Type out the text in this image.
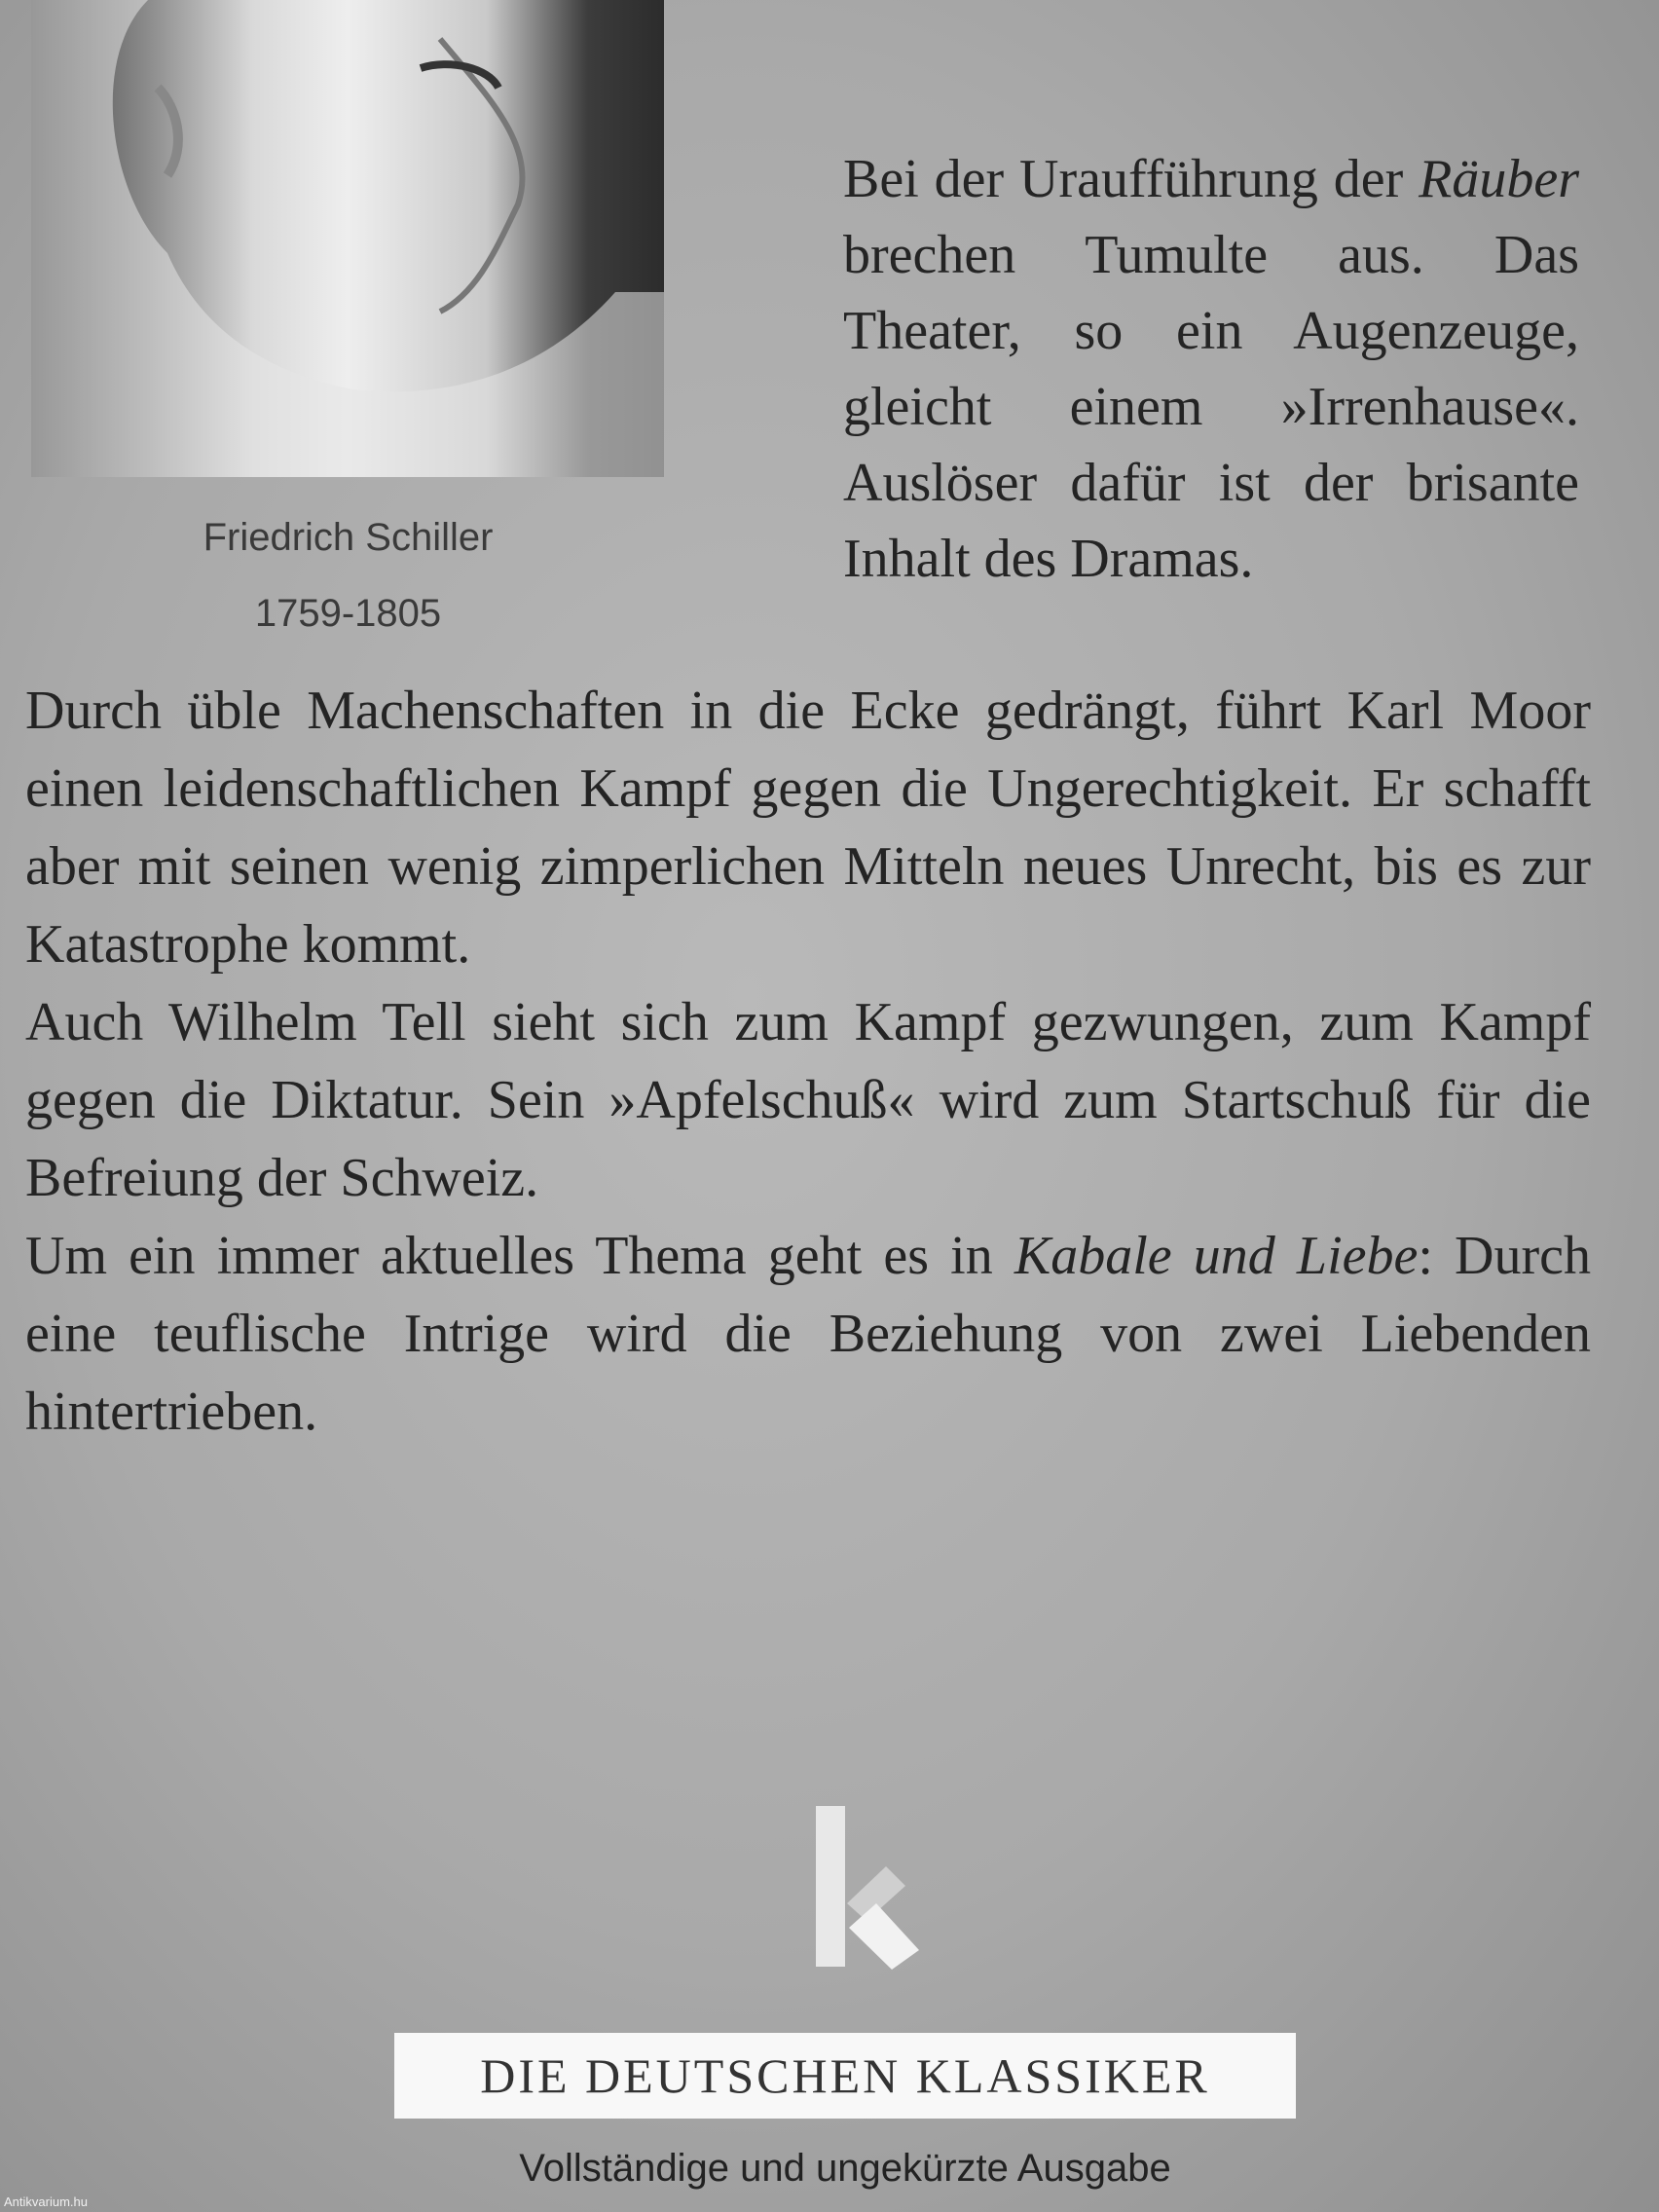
Friedrich Schiller
1759-1805
Bei der Uraufführung der Räuber brechen Tumulte aus. Das Theater, so ein Augenzeuge, gleicht einem »Irrenhause«. Auslöser dafür ist der brisante Inhalt des Dramas.

Durch üble Machenschaften in die Ecke gedrängt, führt Karl Moor einen leidenschaftlichen Kampf gegen die Ungerechtigkeit. Er schafft aber mit seinen wenig zimperlichen Mitteln neues Unrecht, bis es zur Katastrophe kommt.

Auch Wilhelm Tell sieht sich zum Kampf gezwungen, zum Kampf gegen die Diktatur. Sein »Apfelschuß« wird zum Startschuß für die Befreiung der Schweiz.

Um ein immer aktuelles Thema geht es in Kabale und Liebe: Durch eine teuflische Intrige wird die Beziehung von zwei Liebenden hintertrieben.

DIE DEUTSCHEN KLASSIKER
Vollständige und ungekürzte Ausgabe
Antikvarium.hu
